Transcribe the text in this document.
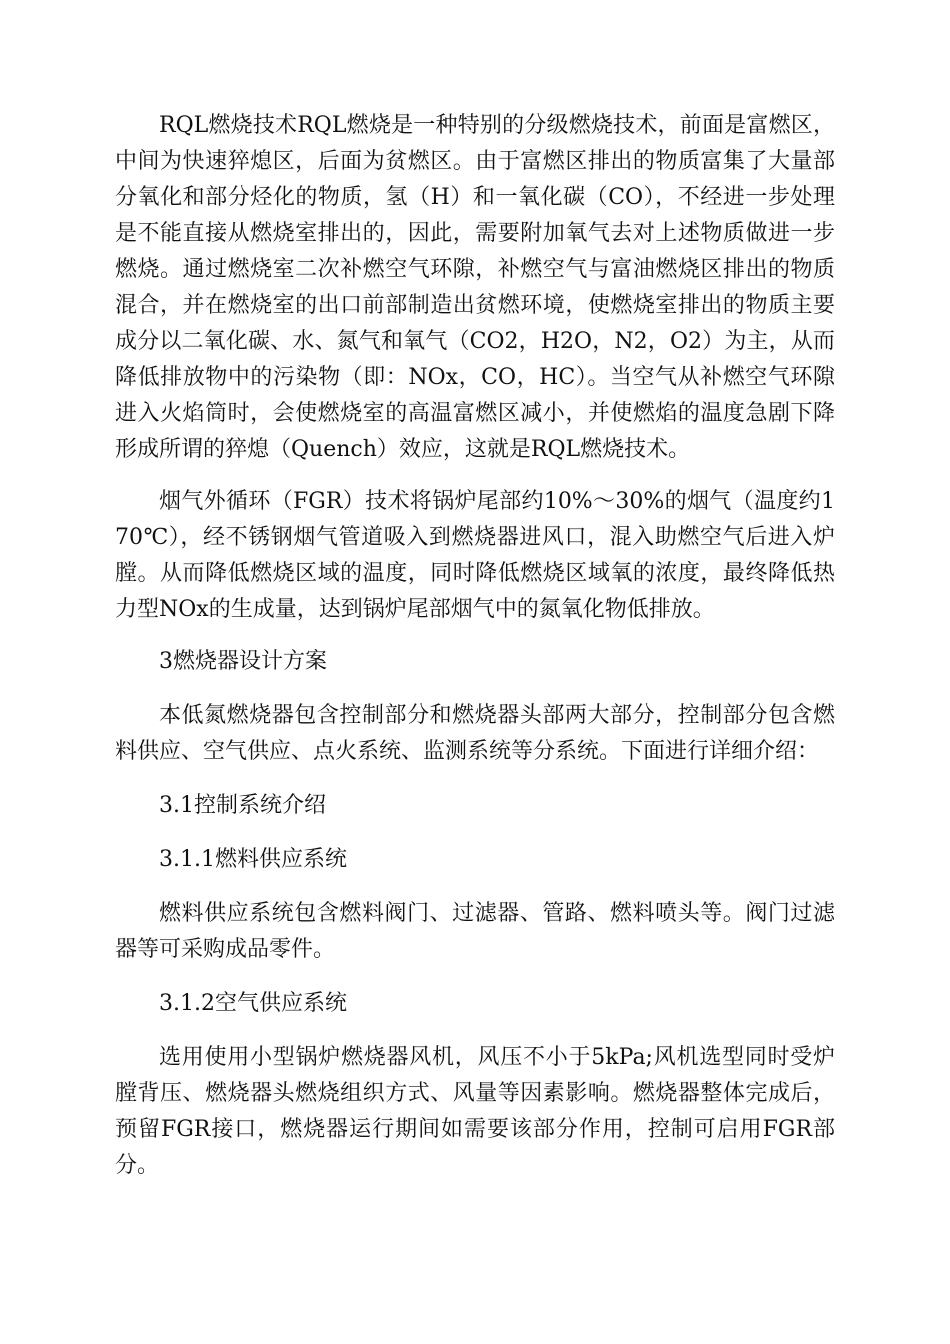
RQL燃烧技术RQL燃烧是一种特别的分级燃烧技术，前面是富燃区，中间为快速猝熄区，后面为贫燃区。由于富燃区排出的物质富集了大量部分氧化和部分烃化的物质，氢（H）和一氧化碳（CO），不经进一步处理是不能直接从燃烧室排出的，因此，需要附加氧气去对上述物质做进一步燃烧。通过燃烧室二次补燃空气环隙，补燃空气与富油燃烧区排出的物质混合，并在燃烧室的出口前部制造出贫燃环境，使燃烧室排出的物质主要成分以二氧化碳、水、氮气和氧气（CO2，H2O，N2，O2）为主，从而降低排放物中的污染物（即：NOx，CO，HC）。当空气从补燃空气环隙进入火焰筒时，会使燃烧室的高温富燃区减小，并使燃焰的温度急剧下降形成所谓的猝熄（Quench）效应，这就是RQL燃烧技术。

烟气外循环（FGR）技术将锅炉尾部约10%～30%的烟气（温度约170℃），经不锈钢烟气管道吸入到燃烧器进风口，混入助燃空气后进入炉膛。从而降低燃烧区域的温度，同时降低燃烧区域氧的浓度，最终降低热力型NOx的生成量，达到锅炉尾部烟气中的氮氧化物低排放。

3燃烧器设计方案

本低氮燃烧器包含控制部分和燃烧器头部两大部分，控制部分包含燃料供应、空气供应、点火系统、监测系统等分系统。下面进行详细介绍：

3.1控制系统介绍

3.1.1燃料供应系统

燃料供应系统包含燃料阀门、过滤器、管路、燃料喷头等。阀门过滤器等可采购成品零件。

3.1.2空气供应系统

选用使用小型锅炉燃烧器风机，风压不小于5kPa;风机选型同时受炉膛背压、燃烧器头燃烧组织方式、风量等因素影响。燃烧器整体完成后，预留FGR接口，燃烧器运行期间如需要该部分作用，控制可启用FGR部分。
